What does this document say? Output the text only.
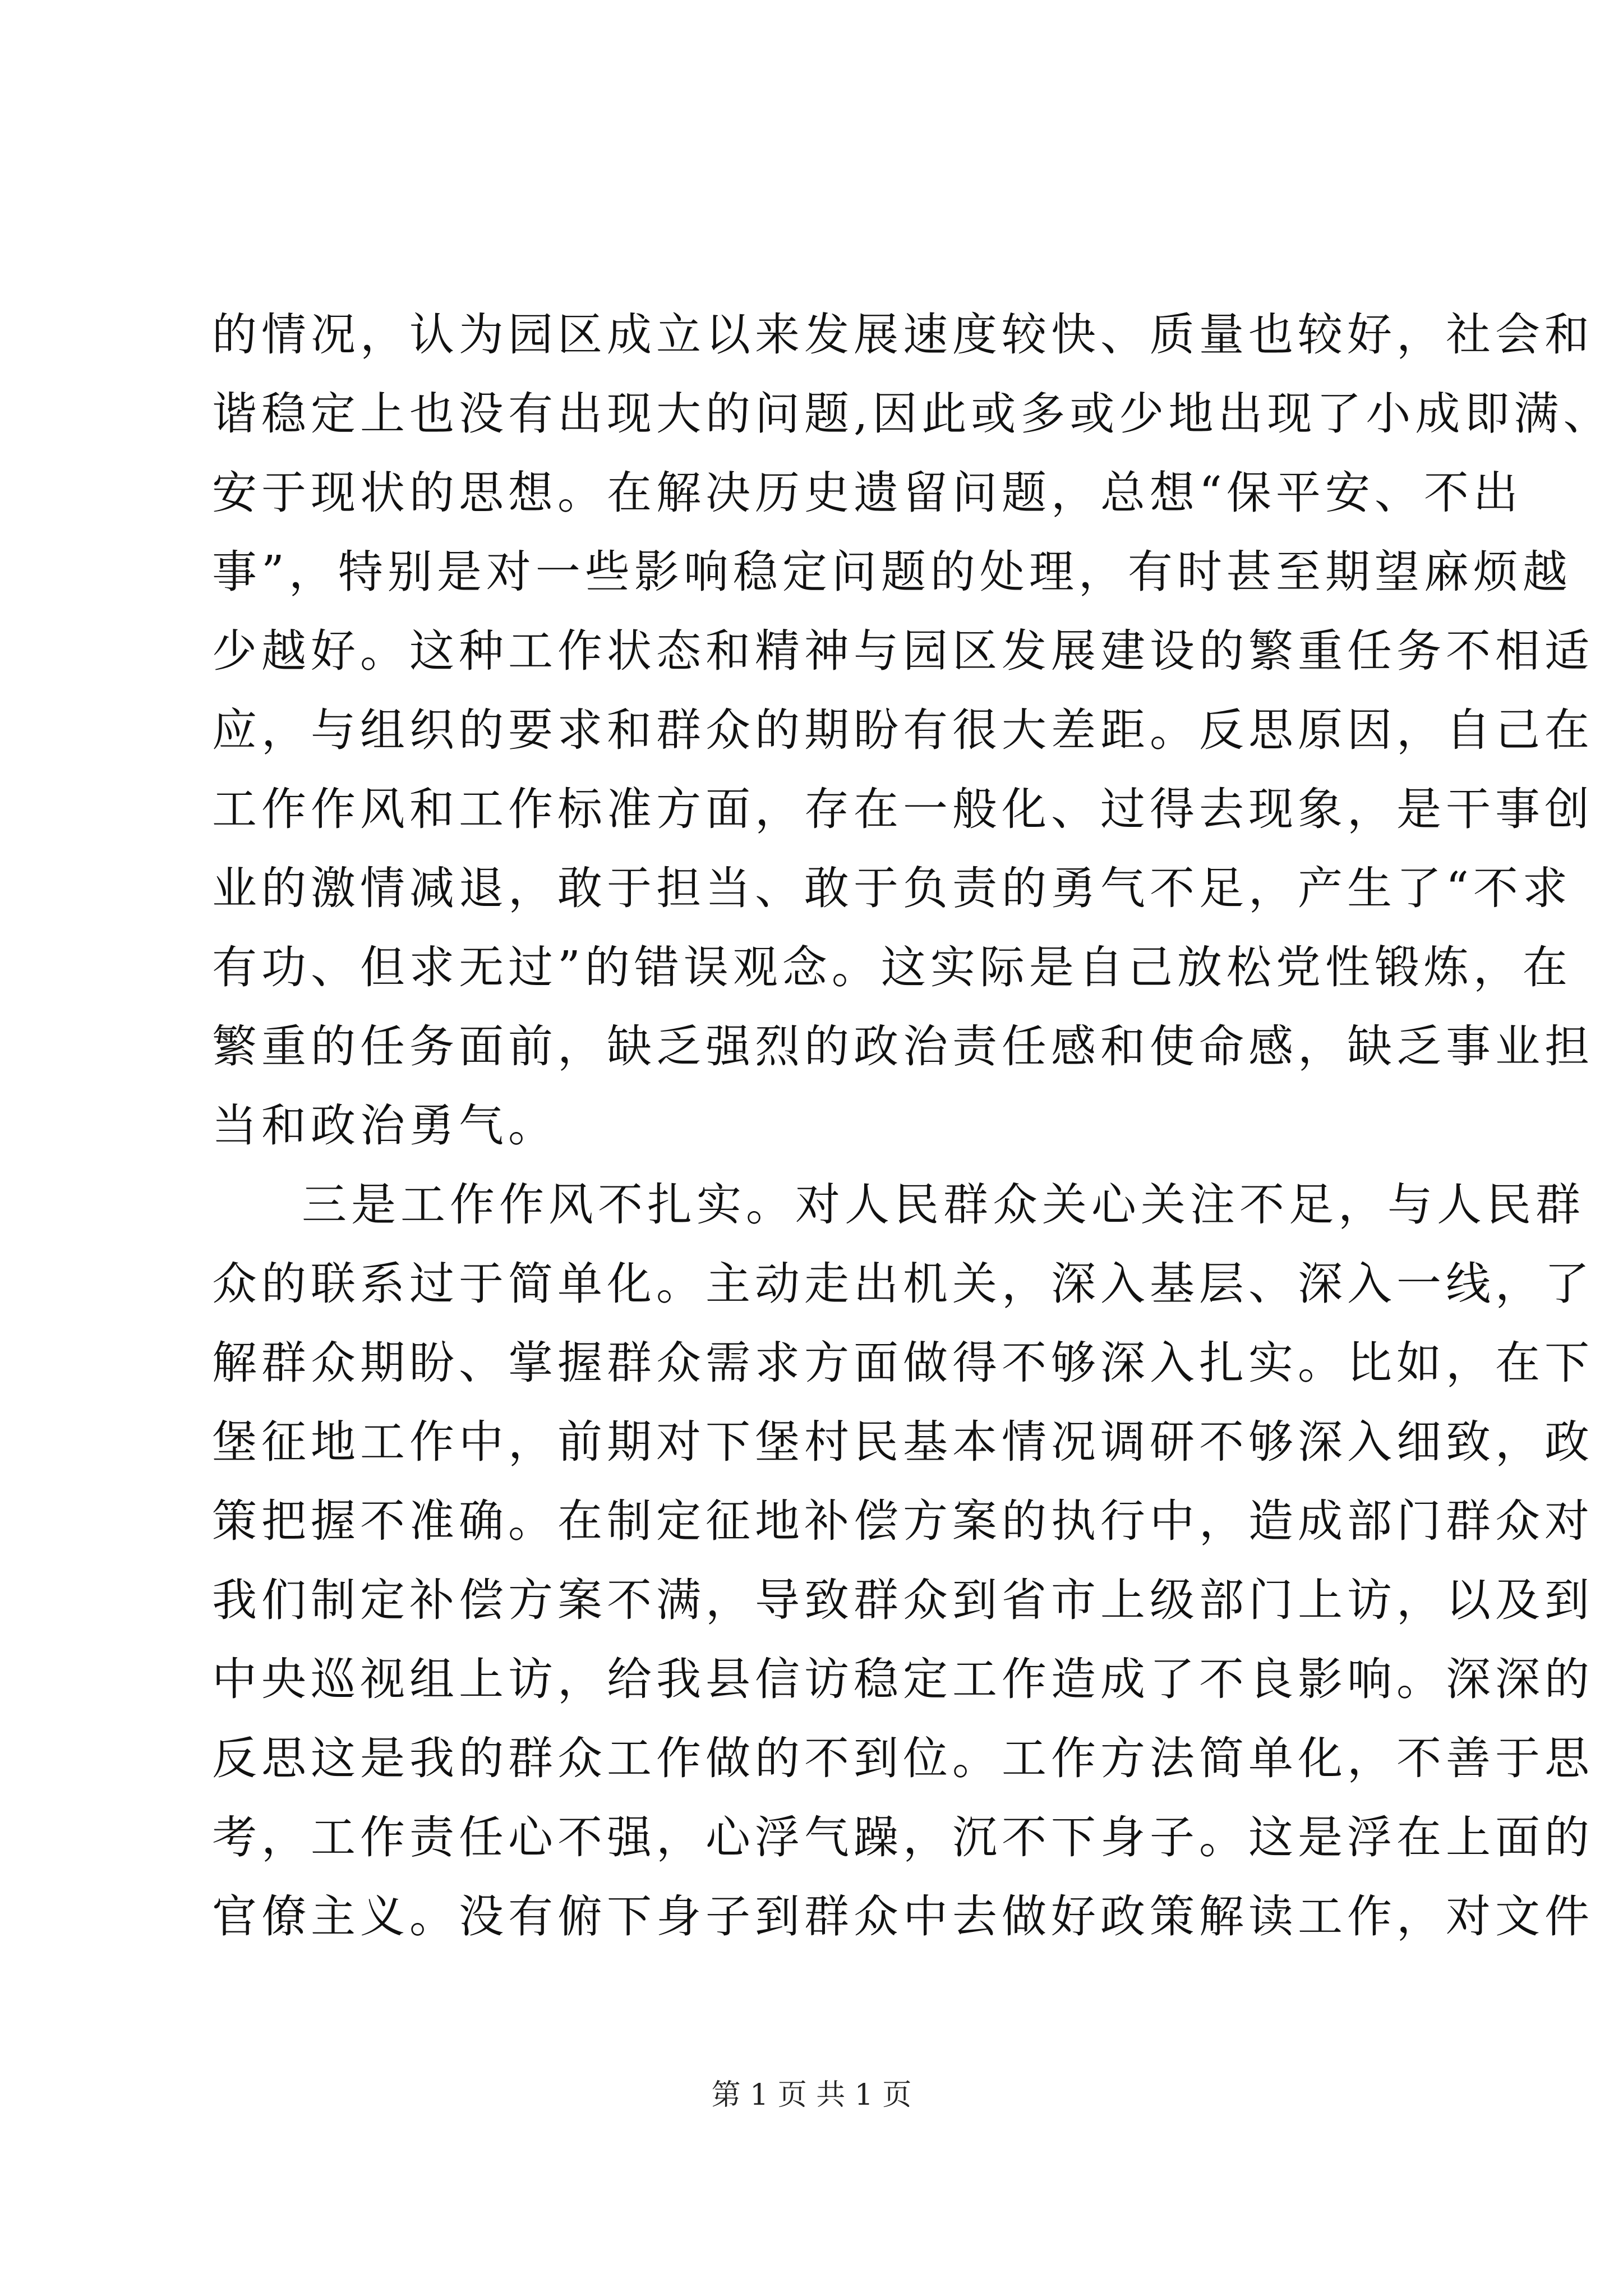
的情况，认为园区成立以来发展速度较快、质量也较好，社会和
谐稳定上也没有出现大的问题,因此或多或少地出现了小成即满、
安于现状的思想。在解决历史遗留问题，总想“保平安、不出
事”，特别是对一些影响稳定问题的处理，有时甚至期望麻烦越
少越好。这种工作状态和精神与园区发展建设的繁重任务不相适
应，与组织的要求和群众的期盼有很大差距。反思原因，自己在
工作作风和工作标准方面，存在一般化、过得去现象，是干事创
业的激情减退，敢于担当、敢于负责的勇气不足，产生了“不求
有功、但求无过”的错误观念。这实际是自己放松党性锻炼，在
繁重的任务面前，缺乏强烈的政治责任感和使命感，缺乏事业担
当和政治勇气。
三是工作作风不扎实。对人民群众关心关注不足，与人民群
众的联系过于简单化。主动走出机关，深入基层、深入一线，了
解群众期盼、掌握群众需求方面做得不够深入扎实。比如，在下
堡征地工作中，前期对下堡村民基本情况调研不够深入细致，政
策把握不准确。在制定征地补偿方案的执行中，造成部门群众对
我们制定补偿方案不满，导致群众到省市上级部门上访，以及到
中央巡视组上访，给我县信访稳定工作造成了不良影响。深深的
反思这是我的群众工作做的不到位。工作方法简单化，不善于思
考，工作责任心不强，心浮气躁，沉不下身子。这是浮在上面的
官僚主义。没有俯下身子到群众中去做好政策解读工作，对文件
第 1 页 共 1 页
